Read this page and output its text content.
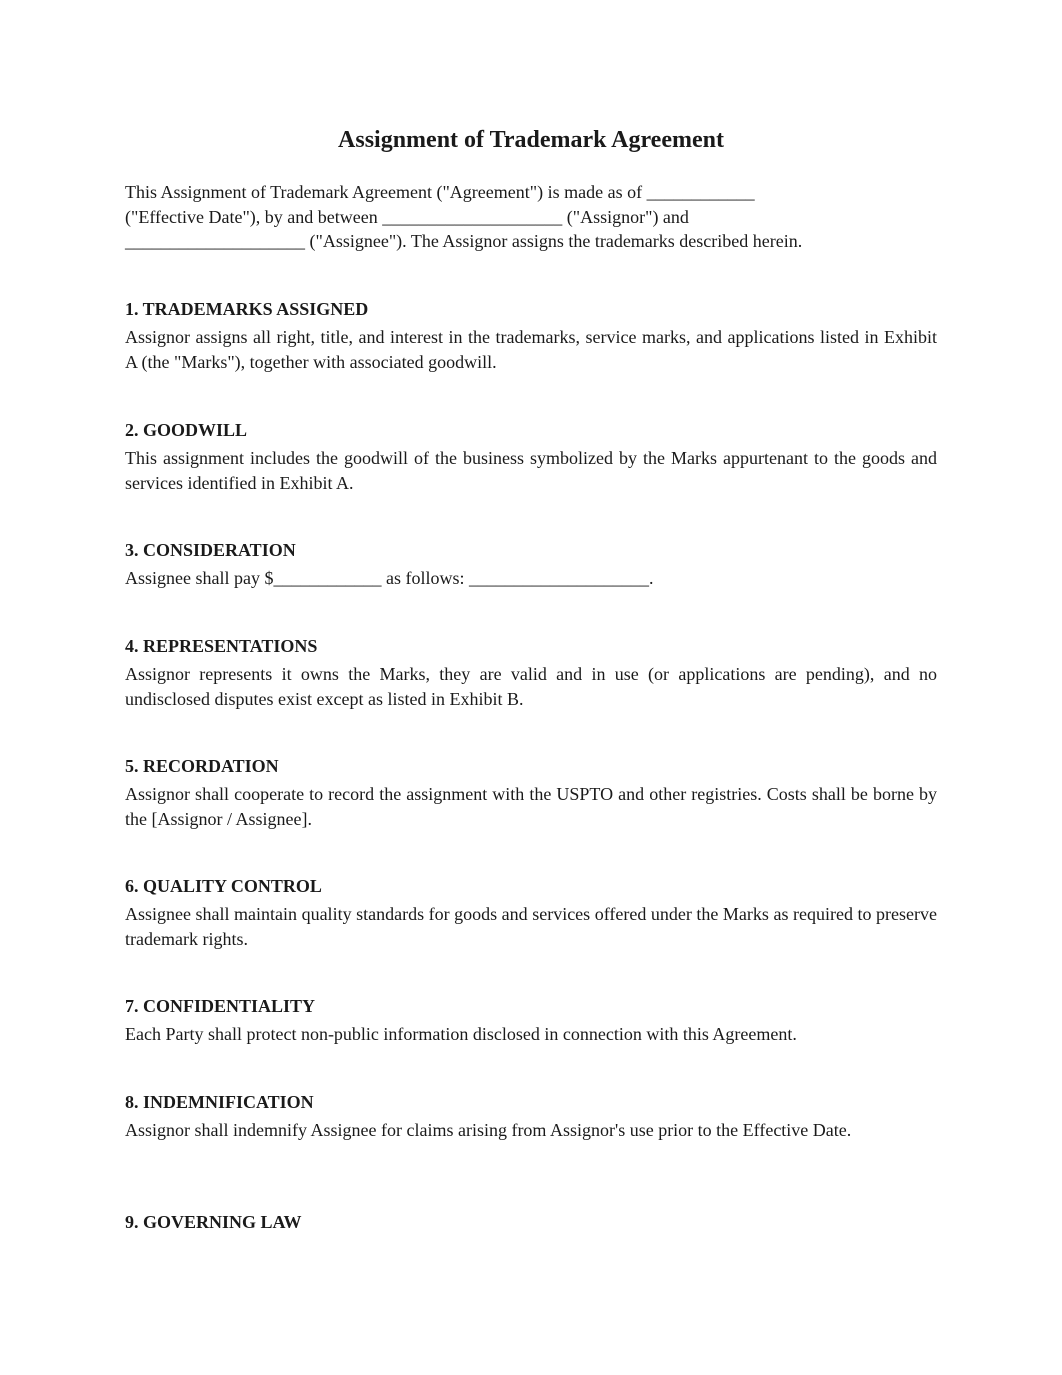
Assignment of Trademark Agreement

This Assignment of Trademark Agreement ("Agreement") is made as of ____________
("Effective Date"), by and between ____________________ ("Assignor") and
____________________ ("Assignee"). The Assignor assigns the trademarks described herein.

1. TRADEMARKS ASSIGNED

Assignor assigns all right, title, and interest in the trademarks, service marks, and applications listed in Exhibit A (the "Marks"), together with associated goodwill.

2. GOODWILL

This assignment includes the goodwill of the business symbolized by the Marks appurtenant to the goods and services identified in Exhibit A.

3. CONSIDERATION

Assignee shall pay $____________ as follows: ____________________.

4. REPRESENTATIONS

Assignor represents it owns the Marks, they are valid and in use (or applications are pending), and no undisclosed disputes exist except as listed in Exhibit B.

5. RECORDATION

Assignor shall cooperate to record the assignment with the USPTO and other registries. Costs shall be borne by the [Assignor / Assignee].

6. QUALITY CONTROL

Assignee shall maintain quality standards for goods and services offered under the Marks as required to preserve trademark rights.

7. CONFIDENTIALITY

Each Party shall protect non-public information disclosed in connection with this Agreement.

8. INDEMNIFICATION

Assignor shall indemnify Assignee for claims arising from Assignor's use prior to the Effective Date.

9. GOVERNING LAW
